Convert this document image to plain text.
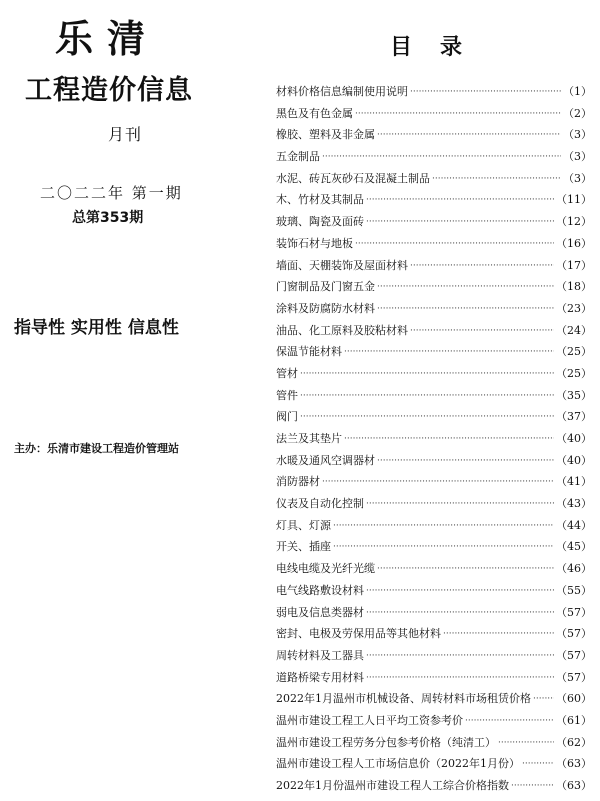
乐清
工程造价信息
月刊
二〇二二年 第一期
总第353期
指导性 实用性 信息性
主办：乐清市建设工程造价管理站
目录
材料价格信息编制使用说明 ·····	（1）
黑色及有色金属 ·····	（2）
橡胶、塑料及非金属 ·····	（3）
五金制品 ·····	（3）
水泥、砖瓦灰砂石及混凝土制品 ·····	（3）
木、竹材及其制品 ·····	（11）
玻璃、陶瓷及面砖 ·····	（12）
装饰石材与地板 ·····	（16）
墙面、天棚装饰及屋面材料 ·····	（17）
门窗制品及门窗五金 ·····	（18）
涂料及防腐防水材料 ·····	（23）
油品、化工原料及胶粘材料 ·····	（24）
保温节能材料 ·····	（25）
管材 ·····	（25）
管件 ·····	（35）
阀门 ·····	（37）
法兰及其垫片 ·····	（40）
水暖及通风空调器材 ·····	（40）
消防器材 ·····	（41）
仪表及自动化控制 ·····	（43）
灯具、灯源 ·····	（44）
开关、插座 ·····	（45）
电线电缆及光纤光缆 ·····	（46）
电气线路敷设材料 ·····	（55）
弱电及信息类器材 ·····	（57）
密封、电极及劳保用品等其他材料 ·····	（57）
周转材料及工器具 ·····	（57）
道路桥梁专用材料 ·····	（57）
2022年1月温州市机械设备、周转材料市场租赁价格 ····· （60）
温州市建设工程工人日平均工资参考价 ·····	（61）
温州市建设工程劳务分包参考价格（纯清工） ·····	（62）
温州市建设工程人工市场信息价（2022年1月份） ·····	（63）
2022年1月份温州市建设工程人工综合价格指数 ·····	（63）
